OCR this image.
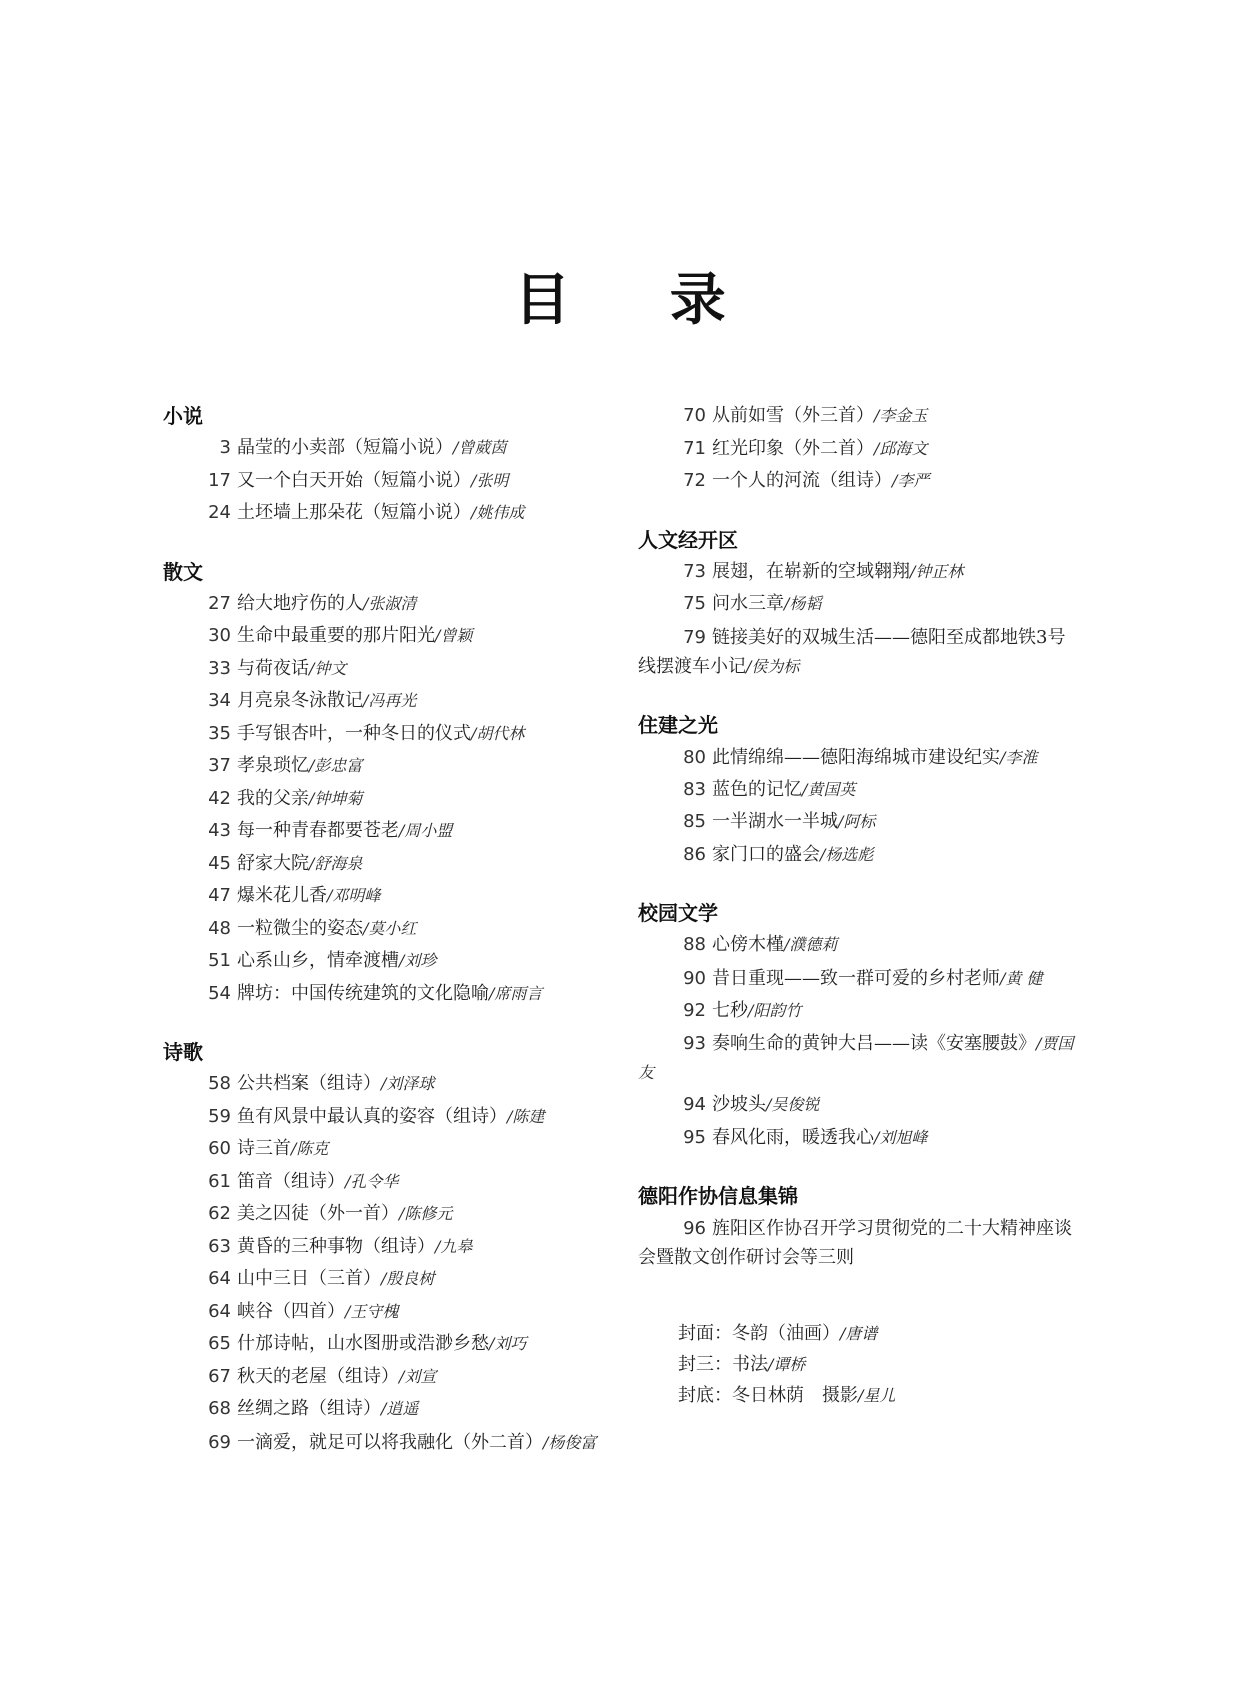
目 录
小说
3 晶莹的小卖部（短篇小说）/曾葳茵
17 又一个白天开始（短篇小说）/张明
24 土坯墙上那朵花（短篇小说）/姚伟成
散文
27 给大地疗伤的人/张淑清
30 生命中最重要的那片阳光/曾颖
33 与荷夜话/钟文
34 月亮泉冬泳散记/冯再光
35 手写银杏叶，一种冬日的仪式/胡代林
37 孝泉琐忆/彭忠富
42 我的父亲/钟坤菊
43 每一种青春都要苍老/周小盟
45 舒家大院/舒海泉
47 爆米花儿香/邓明峰
48 一粒微尘的姿态/莫小红
51 心系山乡，情牵渡槽/刘珍
54 牌坊：中国传统建筑的文化隐喻/席雨言
诗歌
58 公共档案（组诗）/刘泽球
59 鱼有风景中最认真的姿容（组诗）/陈建
60 诗三首/陈克
61 笛音（组诗）/孔令华
62 美之囚徒（外一首）/陈修元
63 黄昏的三种事物（组诗）/九皋
64 山中三日（三首）/殷良树
64 峡谷（四首）/王守槐
65 什邡诗帖，山水图册或浩渺乡愁/刘巧
67 秋天的老屋（组诗）/刘宣
68 丝绸之路（组诗）/逍遥
69 一滴爱，就足可以将我融化（外二首）/杨俊富
70 从前如雪（外三首）/李金玉
71 红光印象（外二首）/邱海文
72 一个人的河流（组诗）/李严
人文经开区
73 展翅，在崭新的空域翱翔/钟正林
75 问水三章/杨韬
79 链接美好的双城生活——德阳至成都地铁3号线摆渡车小记/侯为标
住建之光
80 此情绵绵——德阳海绵城市建设纪实/李淮
83 蓝色的记忆/黄国英
85 一半湖水一半城/阿标
86 家门口的盛会/杨选彪
校园文学
88 心傍木槿/濮德莉
90 昔日重现——致一群可爱的乡村老师/黄 健
92 七秒/阳韵竹
93 奏响生命的黄钟大吕——读《安塞腰鼓》/贾国友
94 沙坡头/吴俊锐
95 春风化雨，暖透我心/刘旭峰
德阳作协信息集锦
96 旌阳区作协召开学习贯彻党的二十大精神座谈会暨散文创作研讨会等三则
封面：冬韵（油画）/唐谱
封三：书法/谭桥
封底：冬日林荫　摄影/星儿
